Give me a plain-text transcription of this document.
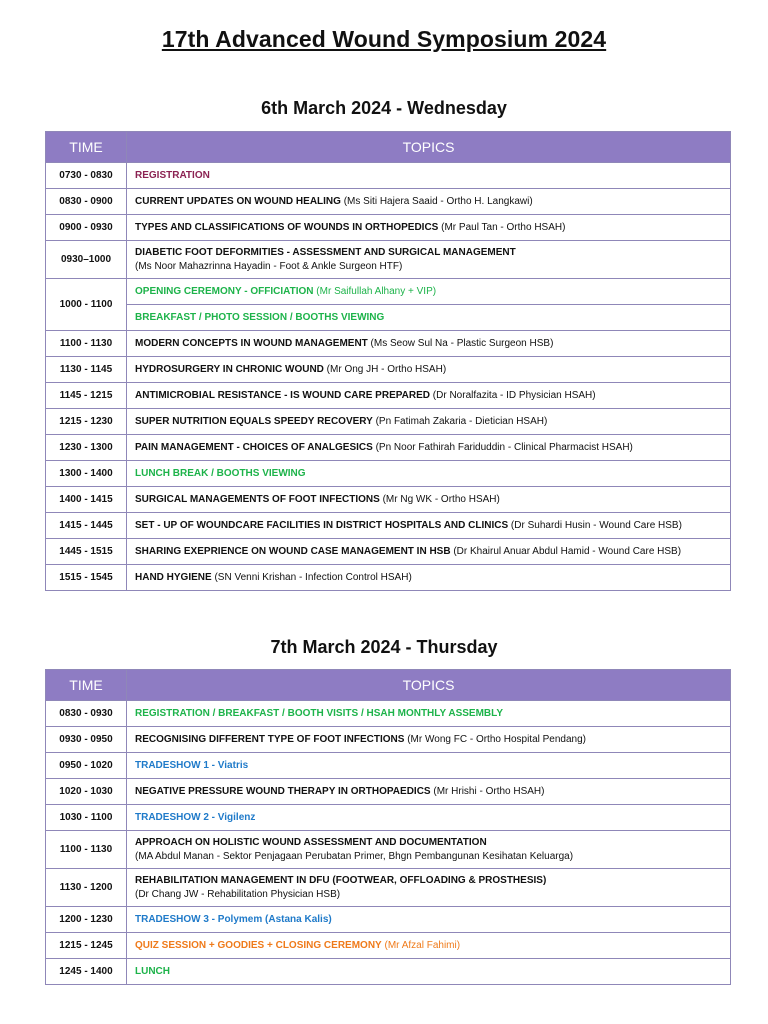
17th Advanced Wound Symposium 2024
6th March 2024 - Wednesday
TIME	TOPICS
0730 - 0830	REGISTRATION
0830 - 0900	CURRENT UPDATES ON WOUND HEALING (Ms Siti Hajera Saaid - Ortho H. Langkawi)
0900 - 0930	TYPES AND CLASSIFICATIONS OF WOUNDS IN ORTHOPEDICS (Mr Paul Tan - Ortho HSAH)
0930–1000	DIABETIC FOOT DEFORMITIES - ASSESSMENT AND SURGICAL MANAGEMENT
(Ms Noor Mahazrinna Hayadin - Foot & Ankle Surgeon HTF)

1000 - 1100	OPENING CEREMONY - OFFICIATION (Mr Saifullah Alhany + VIP)
	BREAKFAST / PHOTO SESSION / BOOTHS VIEWING
1100 - 1130	MODERN CONCEPTS IN WOUND MANAGEMENT (Ms Seow Sul Na - Plastic Surgeon HSB)
1130 - 1145	HYDROSURGERY IN CHRONIC WOUND (Mr Ong JH - Ortho HSAH)
1145 - 1215	ANTIMICROBIAL RESISTANCE - IS WOUND CARE PREPARED (Dr Noralfazita - ID Physician HSAH)
1215 - 1230	SUPER NUTRITION EQUALS SPEEDY RECOVERY (Pn Fatimah Zakaria - Dietician HSAH)
1230 - 1300	PAIN MANAGEMENT - CHOICES OF ANALGESICS (Pn Noor Fathirah Fariduddin - Clinical Pharmacist HSAH)
1300 - 1400	LUNCH BREAK / BOOTHS VIEWING
1400 - 1415	SURGICAL MANAGEMENTS OF FOOT INFECTIONS (Mr Ng WK - Ortho HSAH)
1415 - 1445	SET - UP OF WOUNDCARE FACILITIES IN DISTRICT HOSPITALS AND CLINICS (Dr Suhardi Husin - Wound Care HSB)
1445 - 1515	SHARING EXEPRIENCE ON WOUND CASE MANAGEMENT IN HSB (Dr Khairul Anuar Abdul Hamid - Wound Care HSB)
1515 - 1545	HAND HYGIENE (SN Venni Krishan - Infection Control HSAH)
7th March 2024 - Thursday
TIME	TOPICS
0830 - 0930	REGISTRATION / BREAKFAST / BOOTH VISITS / HSAH MONTHLY ASSEMBLY
0930 - 0950	RECOGNISING DIFFERENT TYPE OF FOOT INFECTIONS (Mr Wong FC - Ortho Hospital Pendang)
0950 - 1020	TRADESHOW 1 - Viatris
1020 - 1030	NEGATIVE PRESSURE WOUND THERAPY IN ORTHOPAEDICS (Mr Hrishi - Ortho HSAH)
1030 - 1100	TRADESHOW 2 - Vigilenz
1100 - 1130	APPROACH ON HOLISTIC WOUND ASSESSMENT AND DOCUMENTATION
(MA Abdul Manan - Sektor Penjagaan Perubatan Primer, Bhgn Pembangunan Kesihatan Keluarga)

1130 - 1200	REHABILITATION MANAGEMENT IN DFU (FOOTWEAR, OFFLOADING & PROSTHESIS)
(Dr Chang JW - Rehabilitation Physician HSB)

1200 - 1230	TRADESHOW 3 - Polymem (Astana Kalis)
1215 - 1245	QUIZ SESSION + GOODIES + CLOSING CEREMONY (Mr Afzal Fahimi)
1245 - 1400	LUNCH
